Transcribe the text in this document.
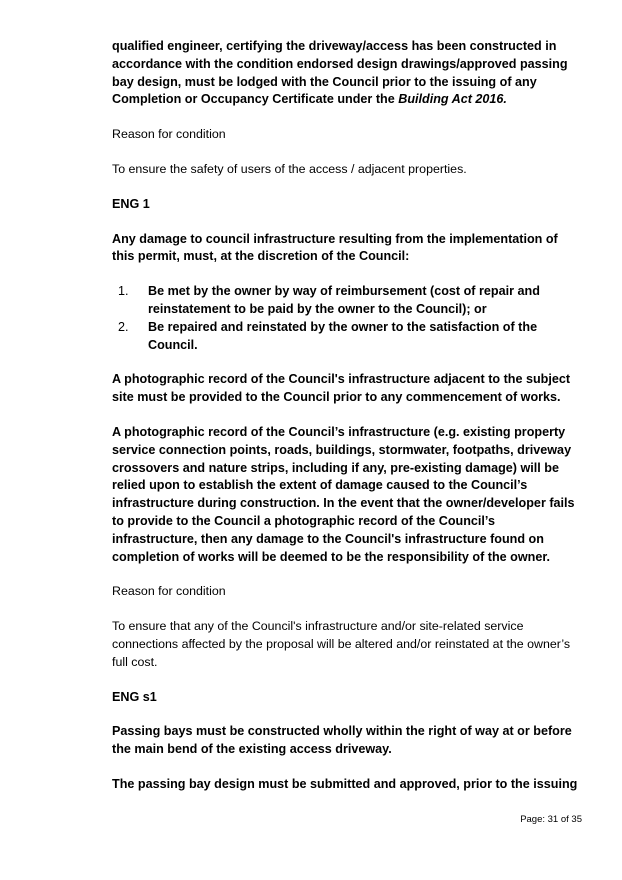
qualified engineer, certifying the driveway/access has been constructed in accordance with the condition endorsed design drawings/approved passing bay design, must be lodged with the Council prior to the issuing of any Completion or Occupancy Certificate under the Building Act 2016.

Reason for condition

To ensure the safety of users of the access / adjacent properties.

ENG 1

Any damage to council infrastructure resulting from the implementation of this permit, must, at the discretion of the Council:

1. Be met by the owner by way of reimbursement (cost of repair and reinstatement to be paid by the owner to the Council); or
2. Be repaired and reinstated by the owner to the satisfaction of the Council.

A photographic record of the Council's infrastructure adjacent to the subject site must be provided to the Council prior to any commencement of works.

A photographic record of the Council’s infrastructure (e.g. existing property service connection points, roads, buildings, stormwater, footpaths, driveway crossovers and nature strips, including if any, pre-existing damage) will be relied upon to establish the extent of damage caused to the Council’s infrastructure during construction. In the event that the owner/developer fails to provide to the Council a photographic record of the Council’s infrastructure, then any damage to the Council's infrastructure found on completion of works will be deemed to be the responsibility of the owner.

Reason for condition

To ensure that any of the Council's infrastructure and/or site-related service connections affected by the proposal will be altered and/or reinstated at the owner’s full cost.

ENG s1

Passing bays must be constructed wholly within the right of way at or before the main bend of the existing access driveway.

The passing bay design must be submitted and approved, prior to the issuing

Page: 31 of 35
